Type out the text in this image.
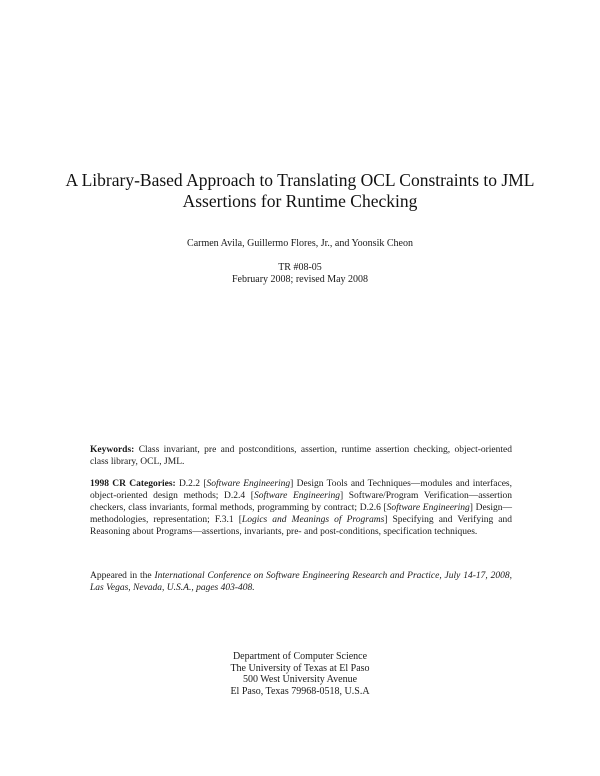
A Library-Based Approach to Translating OCL Constraints to JML
Assertions for Runtime Checking
Carmen Avila, Guillermo Flores, Jr., and Yoonsik Cheon
TR #08-05
February 2008; revised May 2008
Keywords: Class invariant, pre and postconditions, assertion, runtime assertion checking, object-oriented class library, OCL, JML.
1998 CR Categories: D.2.2 [Software Engineering] Design Tools and Techniques—modules and interfaces, object-oriented design methods; D.2.4 [Software Engineering] Software/Program Verification—assertion checkers, class invariants, formal methods, programming by contract; D.2.6 [Software Engineering] Design—methodologies, representation; F.3.1 [Logics and Meanings of Programs] Specifying and Verifying and Reasoning about Programs—assertions, invariants, pre- and post-conditions, specification techniques.
Appeared in the International Conference on Software Engineering Research and Practice, July 14-17, 2008, Las Vegas, Nevada, U.S.A., pages 403-408.
Department of Computer Science
The University of Texas at El Paso
500 West University Avenue
El Paso, Texas 79968-0518, U.S.A
